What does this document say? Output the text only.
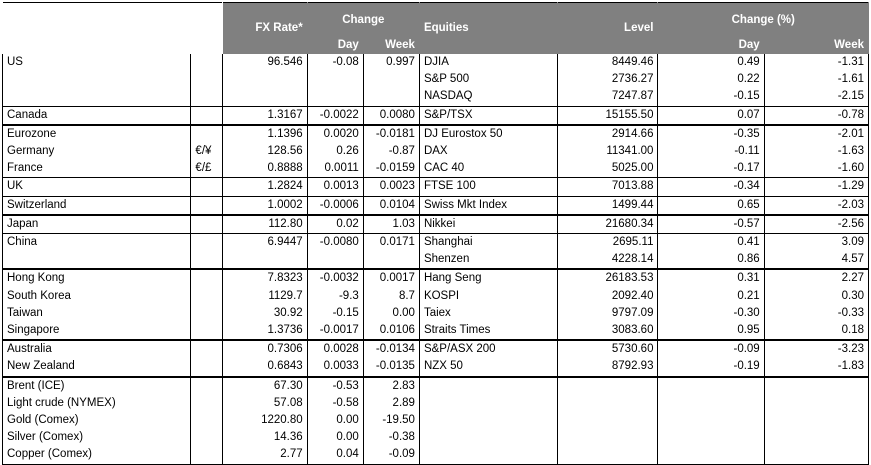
		FX Rate*	Change		Equities	Level	Change (%)	
			Day	Week			Day	Week
US		96.546	-0.08	0.997	DJIA	8449.46	0.49	-1.31
					S&P 500	2736.27	0.22	-1.61
					NASDAQ	7247.87	-0.15	-2.15
Canada		1.3167	-0.0022	0.0080	S&P/TSX	15155.50	0.07	-0.78
Eurozone		1.1396	0.0020	-0.0181	DJ Eurostox 50	2914.66	-0.35	-2.01
Germany	€/¥	128.56	0.26	-0.87	DAX	11341.00	-0.11	-1.63
France	€/£	0.8888	0.0011	-0.0159	CAC 40	5025.00	-0.17	-1.60
UK		1.2824	0.0013	0.0023	FTSE 100	7013.88	-0.34	-1.29
Switzerland		1.0002	-0.0006	0.0104	Swiss Mkt Index	1499.44	0.65	-2.03
Japan		112.80	0.02	1.03	Nikkei	21680.34	-0.57	-2.56
China		6.9447	-0.0080	0.0171	Shanghai	2695.11	0.41	3.09
					Shenzen	4228.14	0.86	4.57
Hong Kong		7.8323	-0.0032	0.0017	Hang Seng	26183.53	0.31	2.27
South Korea		1129.7	-9.3	8.7	KOSPI	2092.40	0.21	0.30
Taiwan		30.92	-0.15	0.00	Taiex	9797.09	-0.30	-0.33
Singapore		1.3736	-0.0017	0.0106	Straits Times	3083.60	0.95	0.18
Australia		0.7306	0.0028	-0.0134	S&P/ASX 200	5730.60	-0.09	-3.23
New Zealand		0.6843	0.0033	-0.0135	NZX 50	8792.93	-0.19	-1.83
Brent (ICE)		67.30	-0.53	2.83				
Light crude (NYMEX)		57.08	-0.58	2.89				
Gold (Comex)		1220.80	0.00	-19.50				
Silver (Comex)		14.36	0.00	-0.38				
Copper (Comex)		2.77	0.04	-0.09				
